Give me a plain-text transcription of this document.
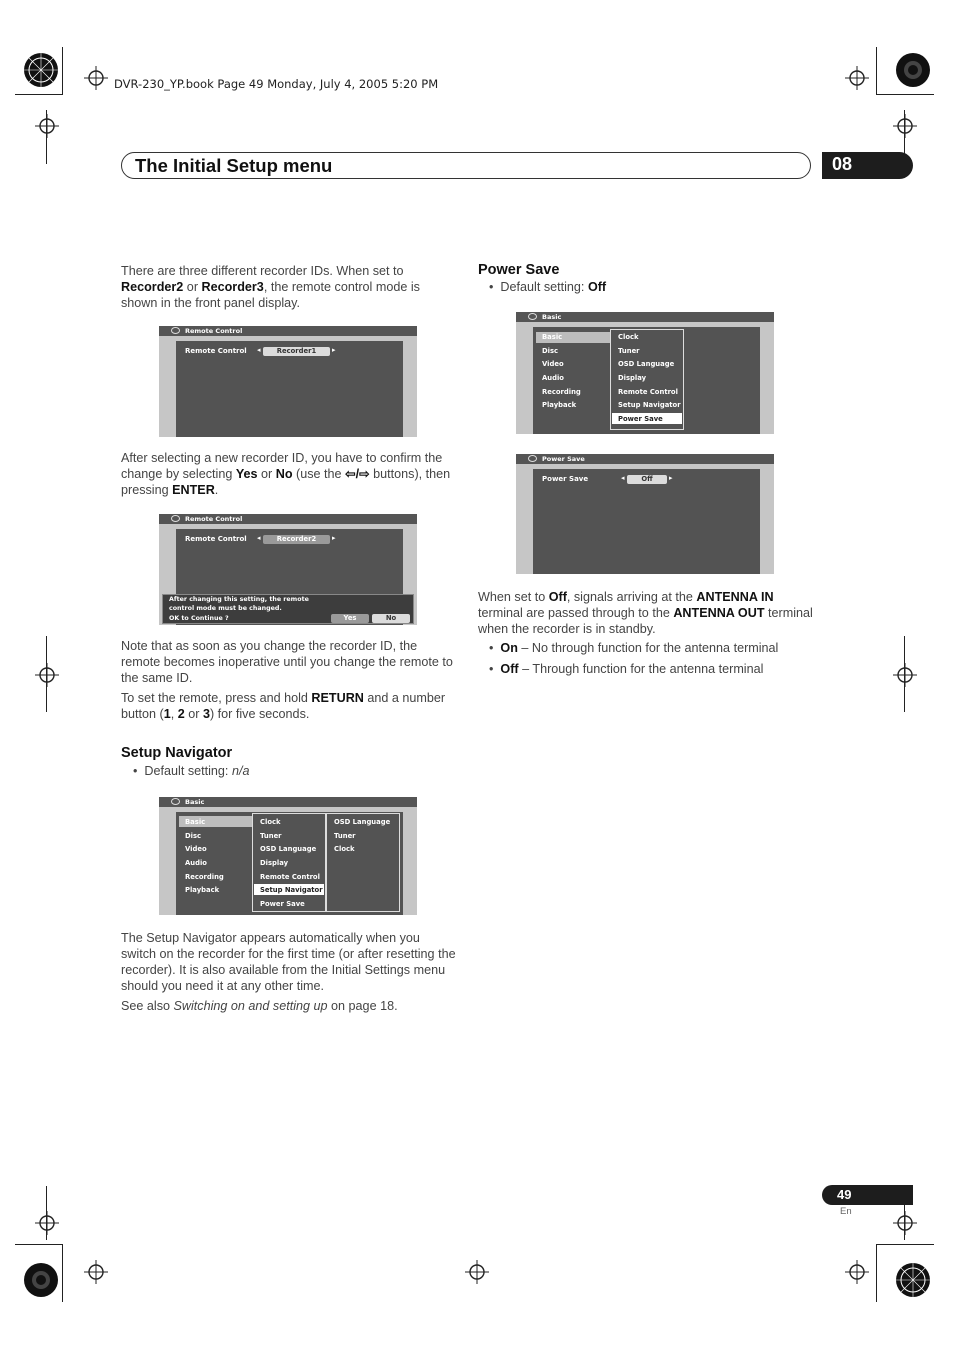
DVR-230_YP.book Page 49 Monday, July 4, 2005 5:20 PM
The Initial Setup menu	08
There are three different recorder IDs. When set to Recorder2 or Recorder3, the remote control mode is shown in the front panel display.
Remote Control
Remote Control ◂	Recorder1	▸
After selecting a new recorder ID, you have to confirm the change by selecting Yes or No (use the ⇦/⇨ buttons), then pressing ENTER.
Remote Control
Remote Control ◂	Recorder2	▸
After changing this setting, the remote
control mode must be changed.
OK to Continue ?	Yes	No
Note that as soon as you change the recorder ID, the remote becomes inoperative until you change the remote to the same ID.
To set the remote, press and hold RETURN and a number button (1, 2 or 3) for five seconds.
Setup Navigator
•  Default setting: n/a
Basic
Basic
Disc
Video
Audio
Recording
Playback
Clock
Tuner
OSD Language
Display
Remote Control
Setup Navigator
Power Save
OSD Language
Tuner
Clock
The Setup Navigator appears automatically when you switch on the recorder for the first time (or after resetting the recorder). It is also available from the Initial Settings menu should you need it at any other time.
See also Switching on and setting up on page 18.
Power Save
•  Default setting: Off
Basic
Basic
Disc
Video
Audio
Recording
Playback
Clock
Tuner
OSD Language
Display
Remote Control
Setup Navigator
Power Save
Power Save
Power Save	◂	Off	▸
When set to Off, signals arriving at the ANTENNA IN terminal are passed through to the ANTENNA OUT terminal when the recorder is in standby.
•  On – No through function for the antenna terminal
•  Off – Through function for the antenna terminal
49
En
